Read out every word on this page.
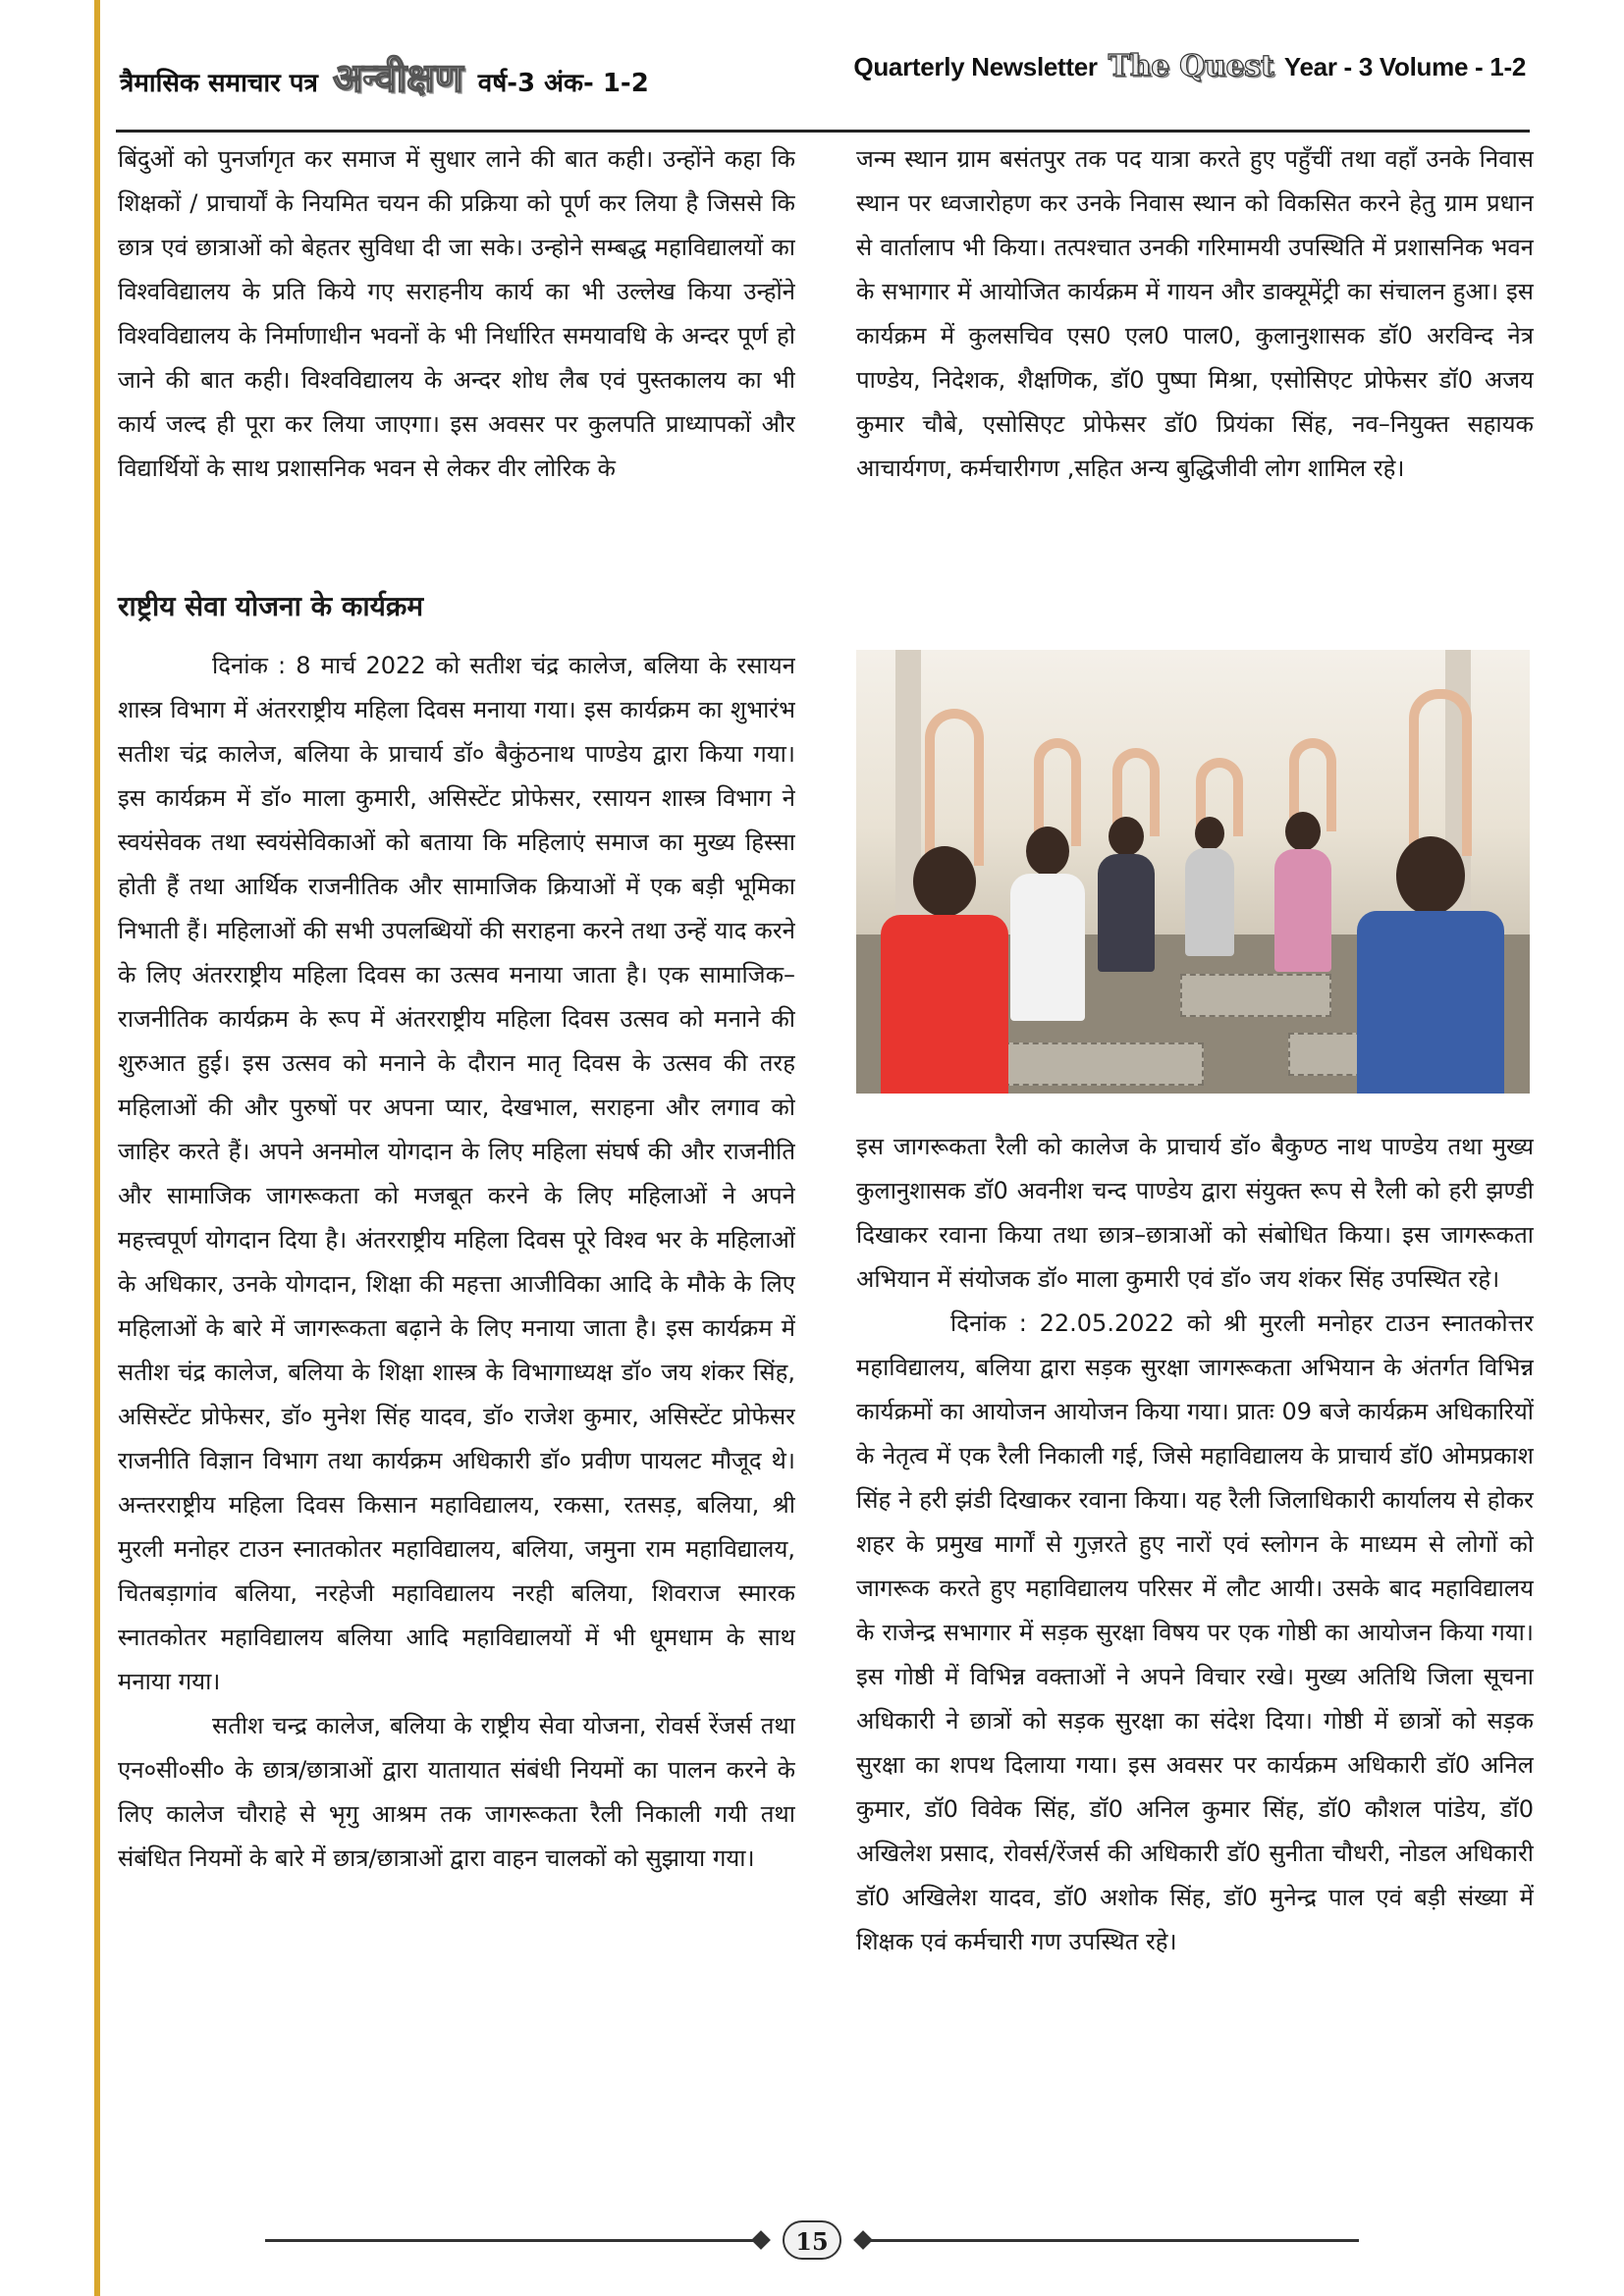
त्रैमासिक समाचार पत्र अन्वीक्षण वर्ष-3 अंक- 1-2
Quarterly Newsletter The Quest Year - 3 Volume - 1-2

बिंदुओं को पुनर्जागृत कर समाज में सुधार लाने की बात कही। उन्होंने कहा कि शिक्षकों / प्राचार्यों के नियमित चयन की प्रक्रिया को पूर्ण कर लिया है जिससे कि छात्र एवं छात्राओं को बेहतर सुविधा दी जा सके। उन्होने सम्बद्ध महाविद्यालयों का विश्वविद्यालय के प्रति किये गए सराहनीय कार्य का भी उल्लेख किया उन्होंने विश्वविद्यालय के निर्माणाधीन भवनों के भी निर्धारित समयावधि के अन्दर पूर्ण हो जाने की बात कही। विश्वविद्यालय के अन्दर शोध लैब एवं पुस्तकालय का भी कार्य जल्द ही पूरा कर लिया जाएगा। इस अवसर पर कुलपति प्राध्यापकों और विद्यार्थियों के साथ प्रशासनिक भवन से लेकर वीर लोरिक के

राष्ट्रीय सेवा योजना के कार्यक्रम

दिनांक : 8 मार्च 2022 को सतीश चंद्र कालेज, बलिया के रसायन शास्त्र विभाग में अंतरराष्ट्रीय महिला दिवस मनाया गया। इस कार्यक्रम का शुभारंभ सतीश चंद्र कालेज, बलिया के प्राचार्य डॉ० बैकुंठनाथ पाण्डेय द्वारा किया गया। इस कार्यक्रम में डॉ० माला कुमारी, असिस्टेंट प्रोफेसर, रसायन शास्त्र विभाग ने स्वयंसेवक तथा स्वयंसेविकाओं को बताया कि महिलाएं समाज का मुख्य हिस्सा होती हैं तथा आर्थिक राजनीतिक और सामाजिक क्रियाओं में एक बड़ी भूमिका निभाती हैं। महिलाओं की सभी उपलब्धियों की सराहना करने तथा उन्हें याद करने के लिए अंतरराष्ट्रीय महिला दिवस का उत्सव मनाया जाता है। एक सामाजिक–राजनीतिक कार्यक्रम के रूप में अंतरराष्ट्रीय महिला दिवस उत्सव को मनाने की शुरुआत हुई। इस उत्सव को मनाने के दौरान मातृ दिवस के उत्सव की तरह महिलाओं की और पुरुषों पर अपना प्यार, देखभाल, सराहना और लगाव को जाहिर करते हैं। अपने अनमोल योगदान के लिए महिला संघर्ष की और राजनीति और सामाजिक जागरूकता को मजबूत करने के लिए महिलाओं ने अपने महत्त्वपूर्ण योगदान दिया है। अंतरराष्ट्रीय महिला दिवस पूरे विश्व भर के महिलाओं के अधिकार, उनके योगदान, शिक्षा की महत्ता आजीविका आदि के मौके के लिए महिलाओं के बारे में जागरूकता बढ़ाने के लिए मनाया जाता है। इस कार्यक्रम में सतीश चंद्र कालेज, बलिया के शिक्षा शास्त्र के विभागाध्यक्ष डॉ० जय शंकर सिंह, असिस्टेंट प्रोफेसर, डॉ० मुनेश सिंह यादव, डॉ० राजेश कुमार, असिस्टेंट प्रोफेसर राजनीति विज्ञान विभाग तथा कार्यक्रम अधिकारी डॉ० प्रवीण पायलट मौजूद थे। अन्तरराष्ट्रीय महिला दिवस किसान महाविद्यालय, रकसा, रतसड़, बलिया, श्री मुरली मनोहर टाउन स्नातकोतर महाविद्यालय, बलिया, जमुना राम महाविद्यालय, चितबड़ागांव बलिया, नरहेजी महाविद्यालय नरही बलिया, शिवराज स्मारक स्नातकोतर महाविद्यालय बलिया आदि महाविद्यालयों में भी धूमधाम के साथ मनाया गया।

सतीश चन्द्र कालेज, बलिया के राष्ट्रीय सेवा योजना, रोवर्स रेंजर्स तथा एन०सी०सी० के छात्र/छात्राओं द्वारा यातायात संबंधी नियमों का पालन करने के लिए कालेज चौराहे से भृगु आश्रम तक जागरूकता रैली निकाली गयी तथा संबंधित नियमों के बारे में छात्र/छात्राओं द्वारा वाहन चालकों को सुझाया गया।

जन्म स्थान ग्राम बसंतपुर तक पद यात्रा करते हुए पहुँचीं तथा वहाँ उनके निवास स्थान पर ध्वजारोहण कर उनके निवास स्थान को विकसित करने हेतु ग्राम प्रधान से वार्तालाप भी किया। तत्पश्चात उनकी गरिमामयी उपस्थिति में प्रशासनिक भवन के सभागार में आयोजित कार्यक्रम में गायन और डाक्यूमेंट्री का संचालन हुआ। इस कार्यक्रम में कुलसचिव एस0 एल0 पाल0, कुलानुशासक डॉ0 अरविन्द नेत्र पाण्डेय, निदेशक, शैक्षणिक, डॉ0 पुष्पा मिश्रा, एसोसिएट प्रोफेसर डॉ0 अजय कुमार चौबे, एसोसिएट प्रोफेसर डॉ0 प्रियंका सिंह, नव–नियुक्त सहायक आचार्यगण, कर्मचारीगण ,सहित अन्य बुद्धिजीवी लोग शामिल रहे।

इस जागरूकता रैली को कालेज के प्राचार्य डॉ० बैकुण्ठ नाथ पाण्डेय तथा मुख्य कुलानुशासक डॉ0 अवनीश चन्द पाण्डेय द्वारा संयुक्त रूप से रैली को हरी झण्डी दिखाकर रवाना किया तथा छात्र–छात्राओं को संबोधित किया। इस जागरूकता अभियान में संयोजक डॉ० माला कुमारी एवं डॉ० जय शंकर सिंह उपस्थित रहे।

दिनांक : 22.05.2022 को श्री मुरली मनोहर टाउन स्नातकोत्तर महाविद्यालय, बलिया द्वारा सड़क सुरक्षा जागरूकता अभियान के अंतर्गत विभिन्न कार्यक्रमों का आयोजन आयोजन किया गया। प्रातः 09 बजे कार्यक्रम अधिकारियों के नेतृत्व में एक रैली निकाली गई, जिसे महाविद्यालय के प्राचार्य डॉ0 ओमप्रकाश सिंह ने हरी झंडी दिखाकर रवाना किया। यह रैली जिलाधिकारी कार्यालय से होकर शहर के प्रमुख मार्गों से गुज़रते हुए नारों एवं स्लोगन के माध्यम से लोगों को जागरूक करते हुए महाविद्यालय परिसर में लौट आयी। उसके बाद महाविद्यालय के राजेन्द्र सभागार में सड़क सुरक्षा विषय पर एक गोष्ठी का आयोजन किया गया। इस गोष्ठी में विभिन्न वक्ताओं ने अपने विचार रखे। मुख्य अतिथि जिला सूचना अधिकारी ने छात्रों को सड़क सुरक्षा का संदेश दिया। गोष्ठी में छात्रों को सड़क सुरक्षा का शपथ दिलाया गया। इस अवसर पर कार्यक्रम अधिकारी डॉ0 अनिल कुमार, डॉ0 विवेक सिंह, डॉ0 अनिल कुमार सिंह, डॉ0 कौशल पांडेय, डॉ0 अखिलेश प्रसाद, रोवर्स/रेंजर्स की अधिकारी डॉ0 सुनीता चौधरी, नोडल अधिकारी डॉ0 अखिलेश यादव, डॉ0 अशोक सिंह, डॉ0 मुनेन्द्र पाल एवं बड़ी संख्या में शिक्षक एवं कर्मचारी गण उपस्थित रहे।

15
